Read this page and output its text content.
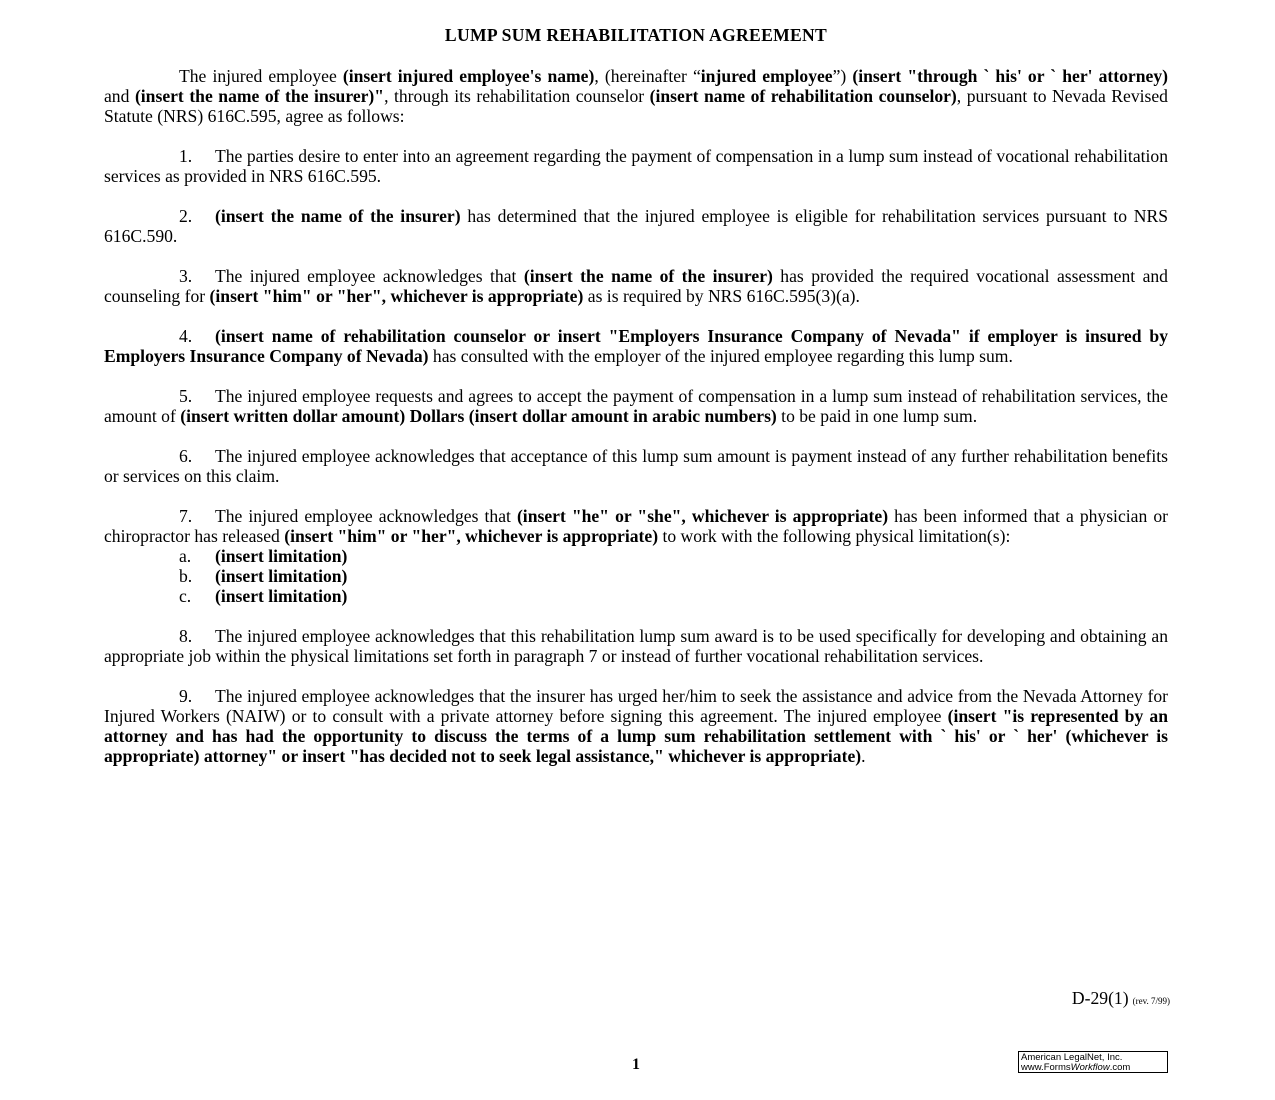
LUMP SUM REHABILITATION AGREEMENT

The injured employee (insert injured employee's name), (hereinafter “injured employee”) (insert "through ` his' or ` her' attorney) and (insert the name of the insurer)", through its rehabilitation counselor (insert name of rehabilitation counselor), pursuant to Nevada Revised Statute (NRS) 616C.595, agree as follows:

1. The parties desire to enter into an agreement regarding the payment of compensation in a lump sum instead of vocational rehabilitation services as provided in NRS 616C.595.

2. (insert the name of the insurer) has determined that the injured employee is eligible for rehabilitation services pursuant to NRS 616C.590.

3. The injured employee acknowledges that (insert the name of the insurer) has provided the required vocational assessment and counseling for (insert "him" or "her", whichever is appropriate) as is required by NRS 616C.595(3)(a).

4. (insert name of rehabilitation counselor or insert "Employers Insurance Company of Nevada" if employer is insured by Employers Insurance Company of Nevada) has consulted with the employer of the injured employee regarding this lump sum.

5. The injured employee requests and agrees to accept the payment of compensation in a lump sum instead of rehabilitation services, the amount of (insert written dollar amount) Dollars (insert dollar amount in arabic numbers) to be paid in one lump sum.

6. The injured employee acknowledges that acceptance of this lump sum amount is payment instead of any further rehabilitation benefits or services on this claim.

7. The injured employee acknowledges that (insert "he" or "she", whichever is appropriate) has been informed that a physician or chiropractor has released (insert "him" or "her", whichever is appropriate) to work with the following physical limitation(s):

a. (insert limitation)
b. (insert limitation)
c. (insert limitation)

8. The injured employee acknowledges that this rehabilitation lump sum award is to be used specifically for developing and obtaining an appropriate job within the physical limitations set forth in paragraph 7 or instead of further vocational rehabilitation services.

9. The injured employee acknowledges that the insurer has urged her/him to seek the assistance and advice from the Nevada Attorney for Injured Workers (NAIW) or to consult with a private attorney before signing this agreement. The injured employee (insert "is represented by an attorney and has had the opportunity to discuss the terms of a lump sum rehabilitation settlement with ` his' or ` her' (whichever is appropriate) attorney" or insert "has decided not to seek legal assistance," whichever is appropriate).

D-29(1) (rev. 7/99)
1	American LegalNet, Inc.
www.FormsWorkflow.com
